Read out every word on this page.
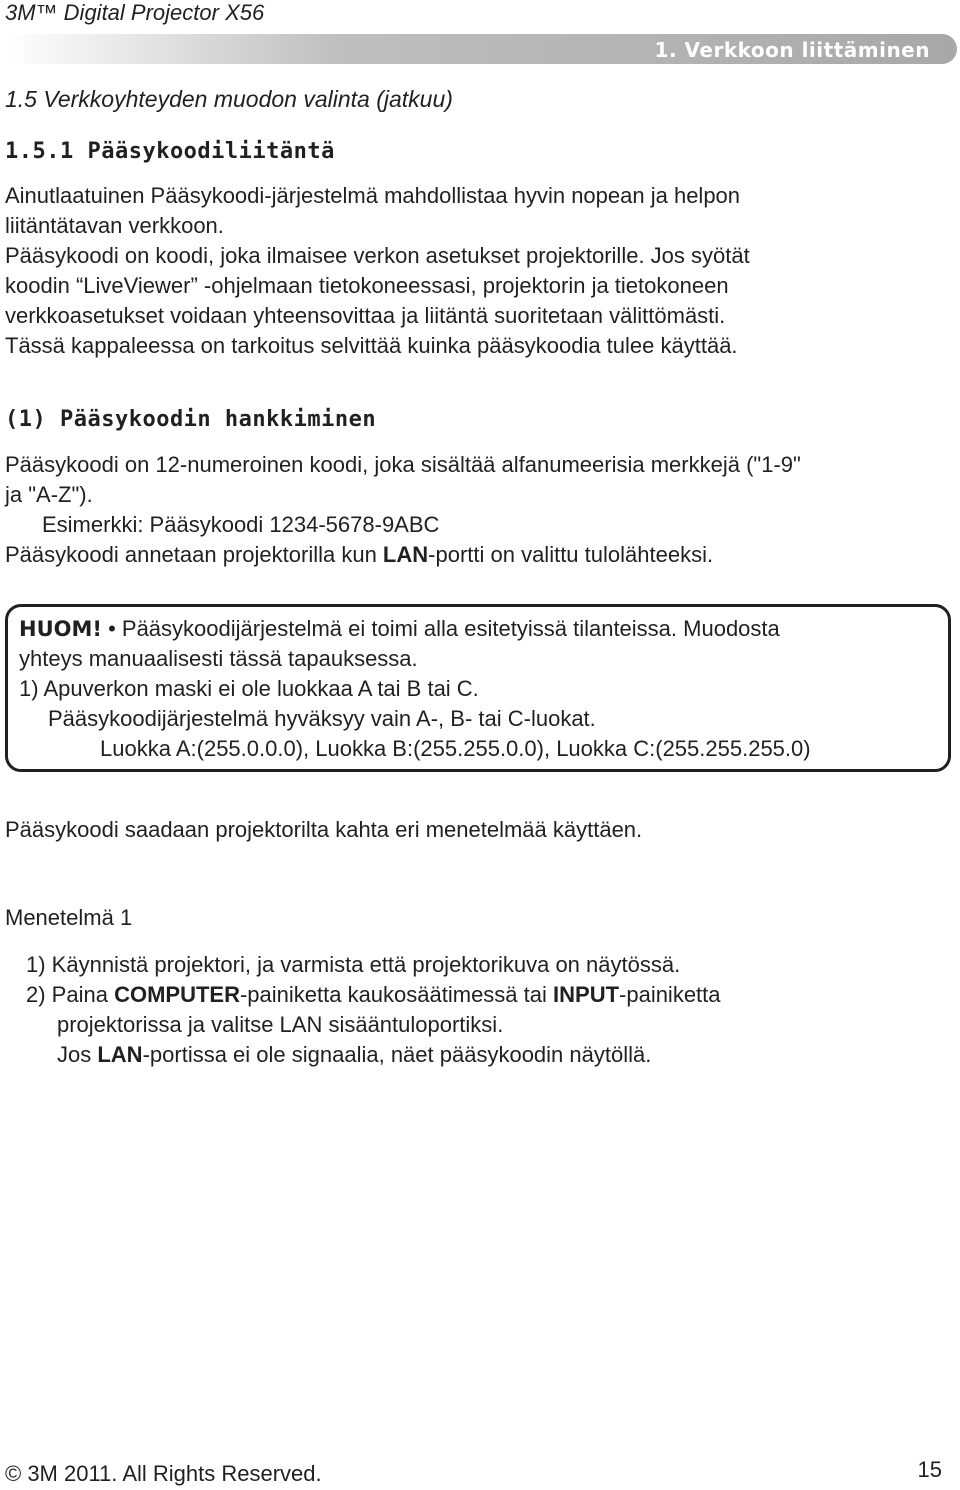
3M™ Digital Projector X56
1. Verkkoon liittäminen
1.5 Verkkoyhteyden muodon valinta (jatkuu)
1.5.1 Pääsykoodiliitäntä

Ainutlaatuinen Pääsykoodi-järjestelmä mahdollistaa hyvin nopean ja helpon

liitäntätavan verkkoon.

Pääsykoodi on koodi, joka ilmaisee verkon asetukset projektorille. Jos syötät

koodin “LiveViewer” -ohjelmaan tietokoneessasi, projektorin ja tietokoneen

verkkoasetukset voidaan yhteensovittaa ja liitäntä suoritetaan välittömästi.

Tässä kappaleessa on tarkoitus selvittää kuinka pääsykoodia tulee käyttää.

(1) Pääsykoodin hankkiminen

Pääsykoodi on 12-numeroinen koodi, joka sisältää alfanumeerisia merkkejä ("1-9"

ja "A-Z").

Esimerkki: Pääsykoodi 1234-5678-9ABC

Pääsykoodi annetaan projektorilla kun LAN-portti on valittu tulolähteeksi.

HUOM! • Pääsykoodijärjestelmä ei toimi alla esitetyissä tilanteissa. Muodosta

yhteys manuaalisesti tässä tapauksessa.

1) Apuverkon maski ei ole luokkaa A tai B tai C.

Pääsykoodijärjestelmä hyväksyy vain A-, B- tai C-luokat.

Luokka A:(255.0.0.0), Luokka B:(255.255.0.0), Luokka C:(255.255.255.0)

Pääsykoodi saadaan projektorilta kahta eri menetelmää käyttäen.

Menetelmä 1

1) Käynnistä projektori, ja varmista että projektorikuva on näytössä.

2) Paina COMPUTER-painiketta kaukosäätimessä tai INPUT-painiketta

projektorissa ja valitse LAN sisääntuloportiksi.

Jos LAN-portissa ei ole signaalia, näet pääsykoodin näytöllä.

© 3M 2011. All Rights Reserved.	15
